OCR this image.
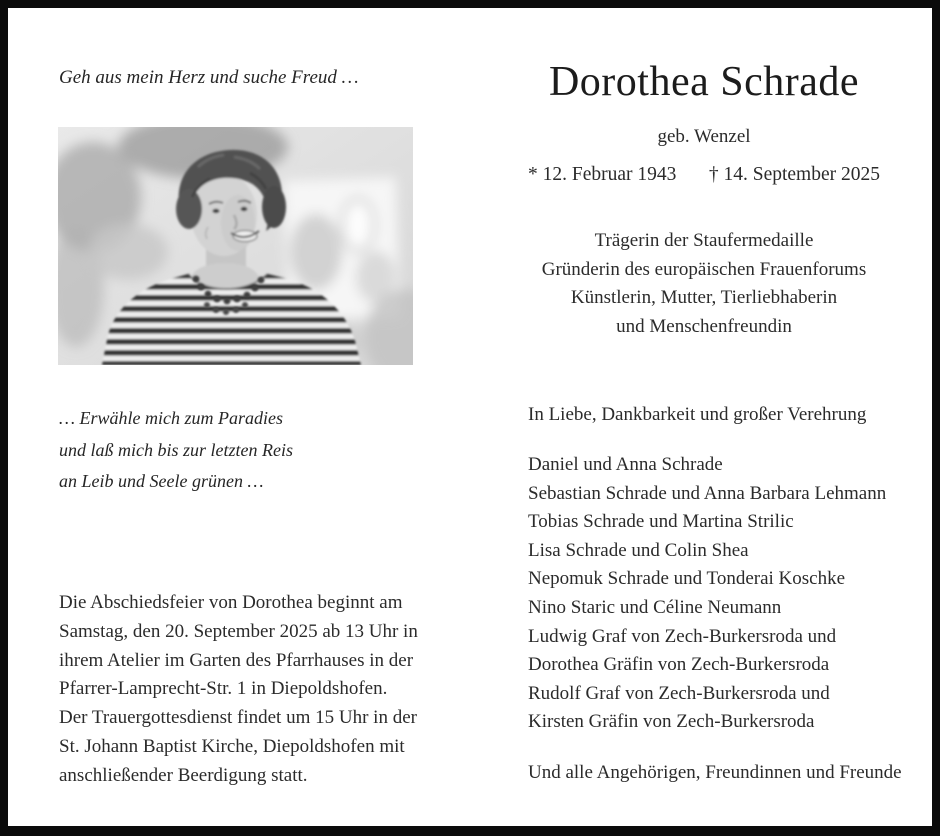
Geh aus mein Herz und suche Freud …
… Erwähle mich zum Paradies
und laß mich bis zur letzten Reis
an Leib und Seele grünen …
Die Abschiedsfeier von Dorothea beginnt am
Samstag, den 20. September 2025 ab 13 Uhr in
ihrem Atelier im Garten des Pfarrhauses in der
Pfarrer-Lamprecht-Str. 1 in Diepoldshofen.
Der Trauergottesdienst findet um 15 Uhr in der
St. Johann Baptist Kirche, Diepoldshofen mit
anschließender Beerdigung statt.
Dorothea Schrade
geb. Wenzel
* 12. Februar 1943 † 14. September 2025
Trägerin der Staufermedaille
Gründerin des europäischen Frauenforums
Künstlerin, Mutter, Tierliebhaberin
und Menschenfreundin
In Liebe, Dankbarkeit und großer Verehrung
Daniel und Anna Schrade
Sebastian Schrade und Anna Barbara Lehmann
Tobias Schrade und Martina Strilic
Lisa Schrade und Colin Shea
Nepomuk Schrade und Tonderai Koschke
Nino Staric und Céline Neumann
Ludwig Graf von Zech-Burkersroda und
Dorothea Gräfin von Zech-Burkersroda
Rudolf Graf von Zech-Burkersroda und
Kirsten Gräfin von Zech-Burkersroda
Und alle Angehörigen, Freundinnen und Freunde
